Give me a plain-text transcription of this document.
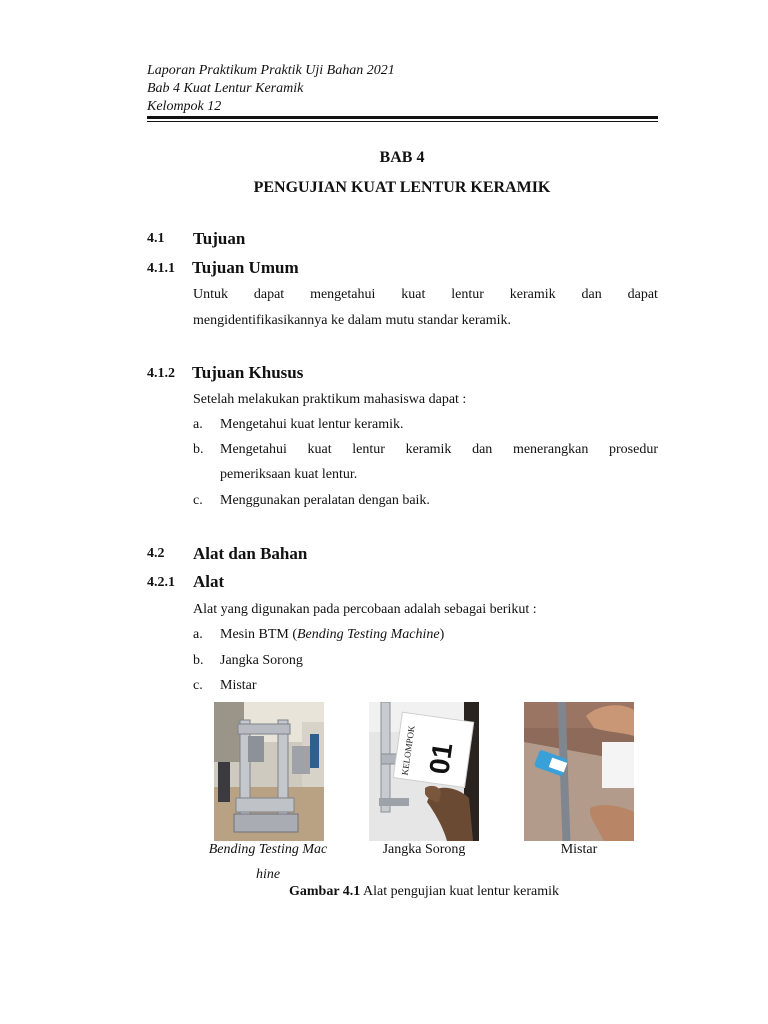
Laporan Praktikum Praktik Uji Bahan 2021
Bab 4 Kuat Lentur Keramik
Kelompok 12
BAB 4
PENGUJIAN KUAT LENTUR KERAMIK
4.1 Tujuan
4.1.1 Tujuan Umum
Untuk dapat mengetahui kuat lentur keramik dan dapat
mengidentifikasikannya ke dalam mutu standar keramik.
4.1.2 Tujuan Khusus
Setelah melakukan praktikum mahasiswa dapat :
a. Mengetahui kuat lentur keramik.
b. Mengetahui kuat lentur keramik dan menerangkan prosedur
pemeriksaan kuat lentur.
c. Menggunakan peralatan dengan baik.
4.2 Alat dan Bahan
4.2.1 Alat
Alat yang digunakan pada percobaan adalah sebagai berikut :
a. Mesin BTM (Bending Testing Machine)
b. Jangka Sorong
c. Mistar
KELOMPOK 01
Bending Testing Mac
hine
Jangka Sorong	Mistar
Gambar 4.1 Alat pengujian kuat lentur keramik
